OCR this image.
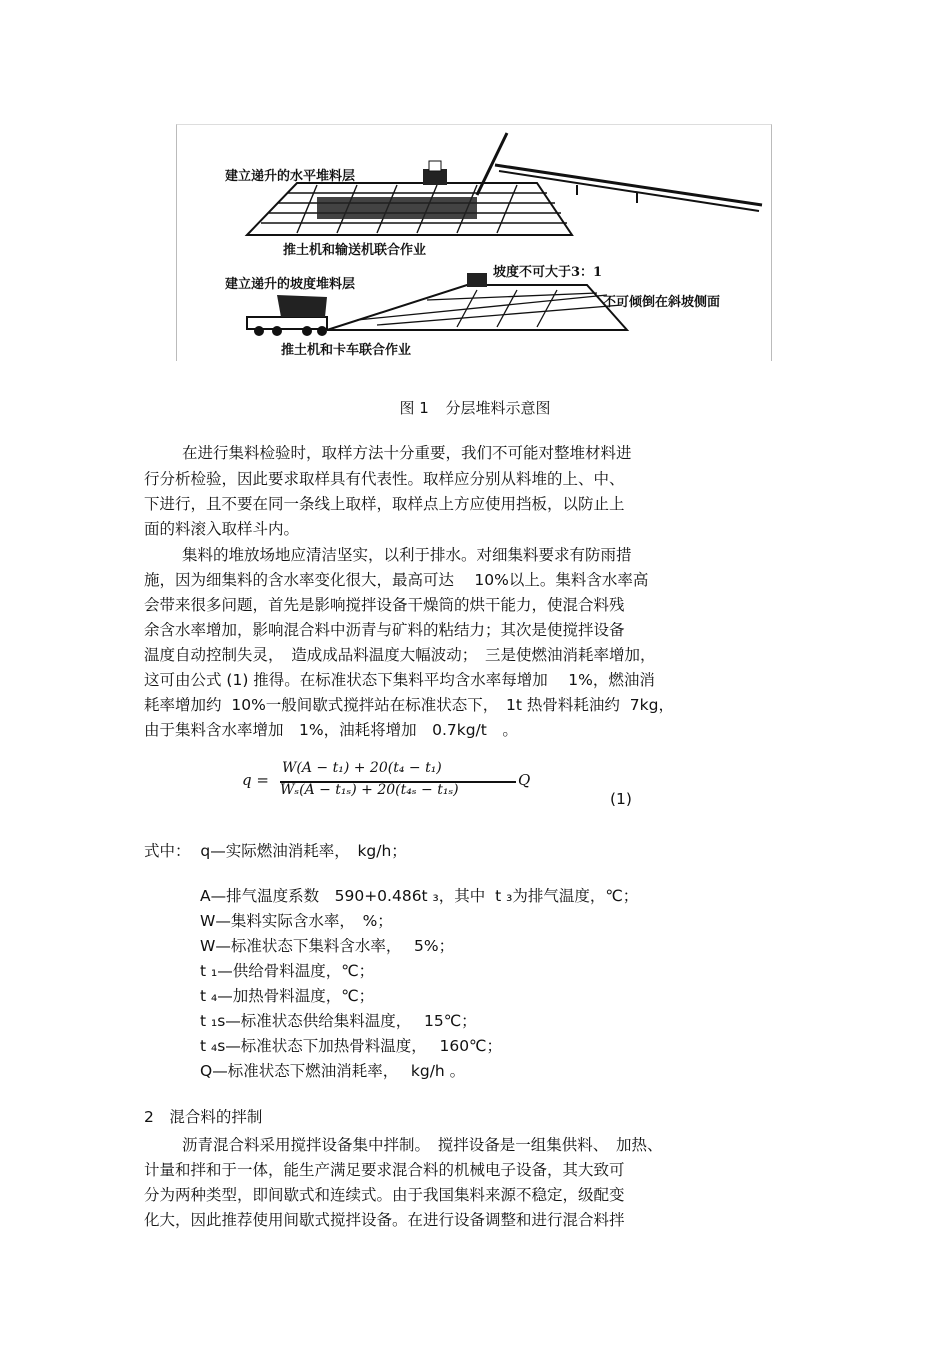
建立递升的水平堆料层
推土机和输送机联合作业
建立递升的坡度堆料层
坡度不可大于3：1
不可倾倒在斜坡侧面
推土机和卡车联合作业
图 1 分层堆料示意图
在进行集料检验时，取样方法十分重要，我们不可能对整堆材料进
行分析检验，因此要求取样具有代表性。取样应分别从料堆的上、中、
下进行，且不要在同一条线上取样，取样点上方应使用挡板，以防止上
面的料滚入取样斗内。
集料的堆放场地应清洁坚实，以利于排水。对细集料要求有防雨措
施，因为细集料的含水率变化很大，最高可达　 10%以上。集料含水率高
会带来很多问题，首先是影响搅拌设备干燥筒的烘干能力，使混合料残
余含水率增加，影响混合料中沥青与矿料的粘结力；其次是使搅拌设备
温度自动控制失灵，　造成成品料温度大幅波动；　三是使燃油消耗率增加，
这可由公式 (1) 推得。在标准状态下集料平均含水率每增加　 1%，燃油消
耗率增加约  10%一般间歇式搅拌站在标准状态下，　1t 热骨料耗油约  7kg，
由于集料含水率增加　1%，油耗将增加　0.7kg/t　。
q =
W(A − t₁) + 20(t₄ − t₁)
Wₛ(A − t₁ₛ) + 20(t₄ₛ − t₁ₛ)
Q
(1)
式中：  q—实际燃油消耗率，　kg/h；
A—排气温度系数　590+0.486t ₃，其中  t ₃为排气温度，℃；
W—集料实际含水率，　%；
W—标准状态下集料含水率，　 5%；
t ₁—供给骨料温度，℃；
t ₄—加热骨料温度，℃；
t ₁s—标准状态供给集料温度，　 15℃；
t ₄s—标准状态下加热骨料温度，　 160℃；
Q—标准状态下燃油消耗率，　 kg/h 。
2　混合料的拌制
沥青混合料采用搅拌设备集中拌制。　搅拌设备是一组集供料、　加热、
计量和拌和于一体，能生产满足要求混合料的机械电子设备，其大致可
分为两种类型，即间歇式和连续式。由于我国集料来源不稳定，级配变
化大，因此推荐使用间歇式搅拌设备。在进行设备调整和进行混合料拌
